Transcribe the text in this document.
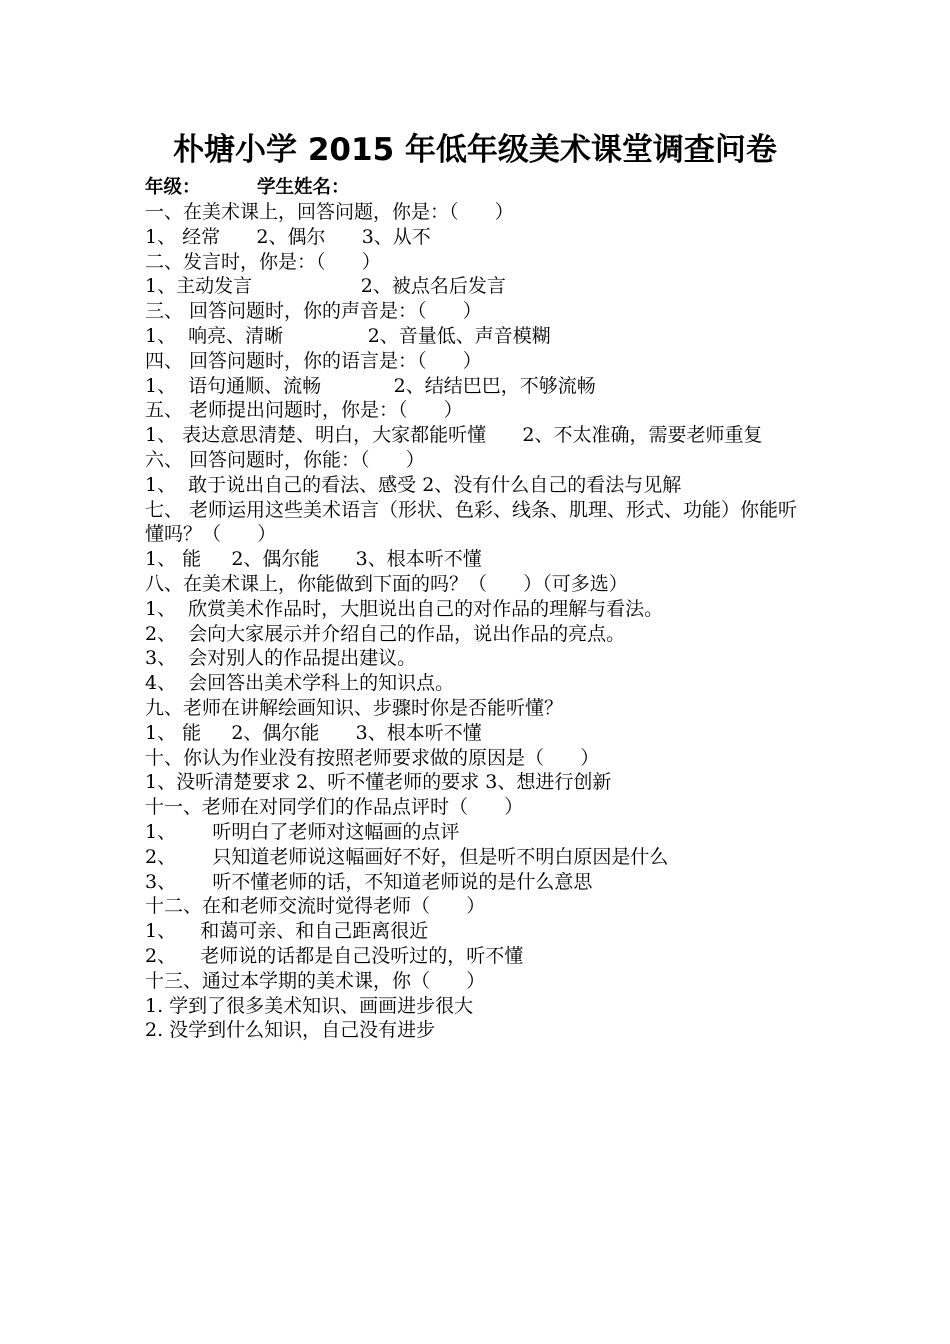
朴塘小学 2015 年低年级美术课堂调查问卷
年级：	学生姓名：
一、在美术课上，回答问题，你是：（      ）
1、 经常      2、偶尔      3、从不
二、发言时，你是：（      ）
1、主动发言                  2、被点名后发言
三、 回答问题时，你的声音是：（      ）
1、  响亮、清晰              2、音量低、声音模糊
四、 回答问题时，你的语言是：（      ）
1、  语句通顺、流畅            2、结结巴巴，不够流畅
五、 老师提出问题时，你是：（      ）
1、 表达意思清楚、明白，大家都能听懂      2、不太准确，需要老师重复
六、 回答问题时，你能：（      ）
1、  敢于说出自己的看法、感受 2、没有什么自己的看法与见解
七、 老师运用这些美术语言（形状、色彩、线条、肌理、形式、功能）你能听懂吗？（      ）
1、 能     2、偶尔能      3、根本听不懂
八、在美术课上，你能做到下面的吗？（      ）（可多选）
1、  欣赏美术作品时，大胆说出自己的对作品的理解与看法。
2、  会向大家展示并介绍自己的作品，说出作品的亮点。
3、  会对别人的作品提出建议。
4、  会回答出美术学科上的知识点。
九、老师在讲解绘画知识、步骤时你是否能听懂？
1、 能     2、偶尔能      3、根本听不懂
十、你认为作业没有按照老师要求做的原因是（      ）
1、没听清楚要求 2、听不懂老师的要求 3、想进行创新
十一、老师在对同学们的作品点评时（      ）
1、      听明白了老师对这幅画的点评
2、      只知道老师说这幅画好不好，但是听不明白原因是什么
3、      听不懂老师的话，不知道老师说的是什么意思
十二、在和老师交流时觉得老师（      ）
1、    和蔼可亲、和自己距离很近
2、    老师说的话都是自己没听过的，听不懂
十三、通过本学期的美术课，你（      ）
1. 学到了很多美术知识、画画进步很大
2. 没学到什么知识，自己没有进步
